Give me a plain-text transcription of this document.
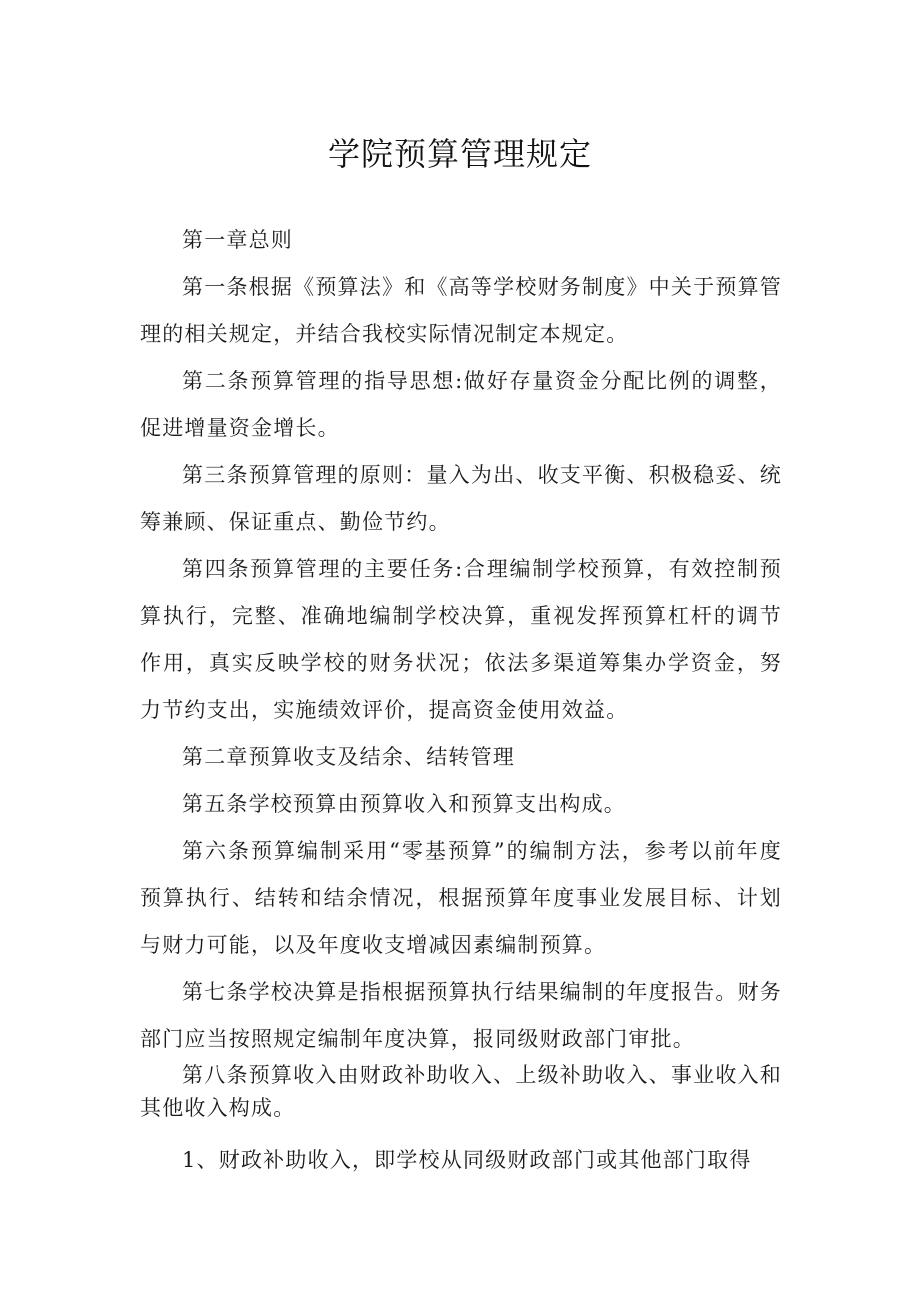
学院预算管理规定

第一章总则

第一条根据《预算法》和《高等学校财务制度》中关于预算管理的相关规定，并结合我校实际情况制定本规定。

第二条预算管理的指导思想:做好存量资金分配比例的调整，促进增量资金增长。

第三条预算管理的原则：量入为出、收支平衡、积极稳妥、统筹兼顾、保证重点、勤俭节约。

第四条预算管理的主要任务:合理编制学校预算，有效控制预算执行，完整、准确地编制学校决算，重视发挥预算杠杆的调节作用，真实反映学校的财务状况；依法多渠道筹集办学资金，努力节约支出，实施绩效评价，提高资金使用效益。

第二章预算收支及结余、结转管理

第五条学校预算由预算收入和预算支出构成。

第六条预算编制采用“零基预算”的编制方法，参考以前年度预算执行、结转和结余情况，根据预算年度事业发展目标、计划与财力可能，以及年度收支增减因素编制预算。

第七条学校决算是指根据预算执行结果编制的年度报告。财务部门应当按照规定编制年度决算，报同级财政部门审批。

第八条预算收入由财政补助收入、上级补助收入、事业收入和其他收入构成。

1、财政补助收入，即学校从同级财政部门或其他部门取得
